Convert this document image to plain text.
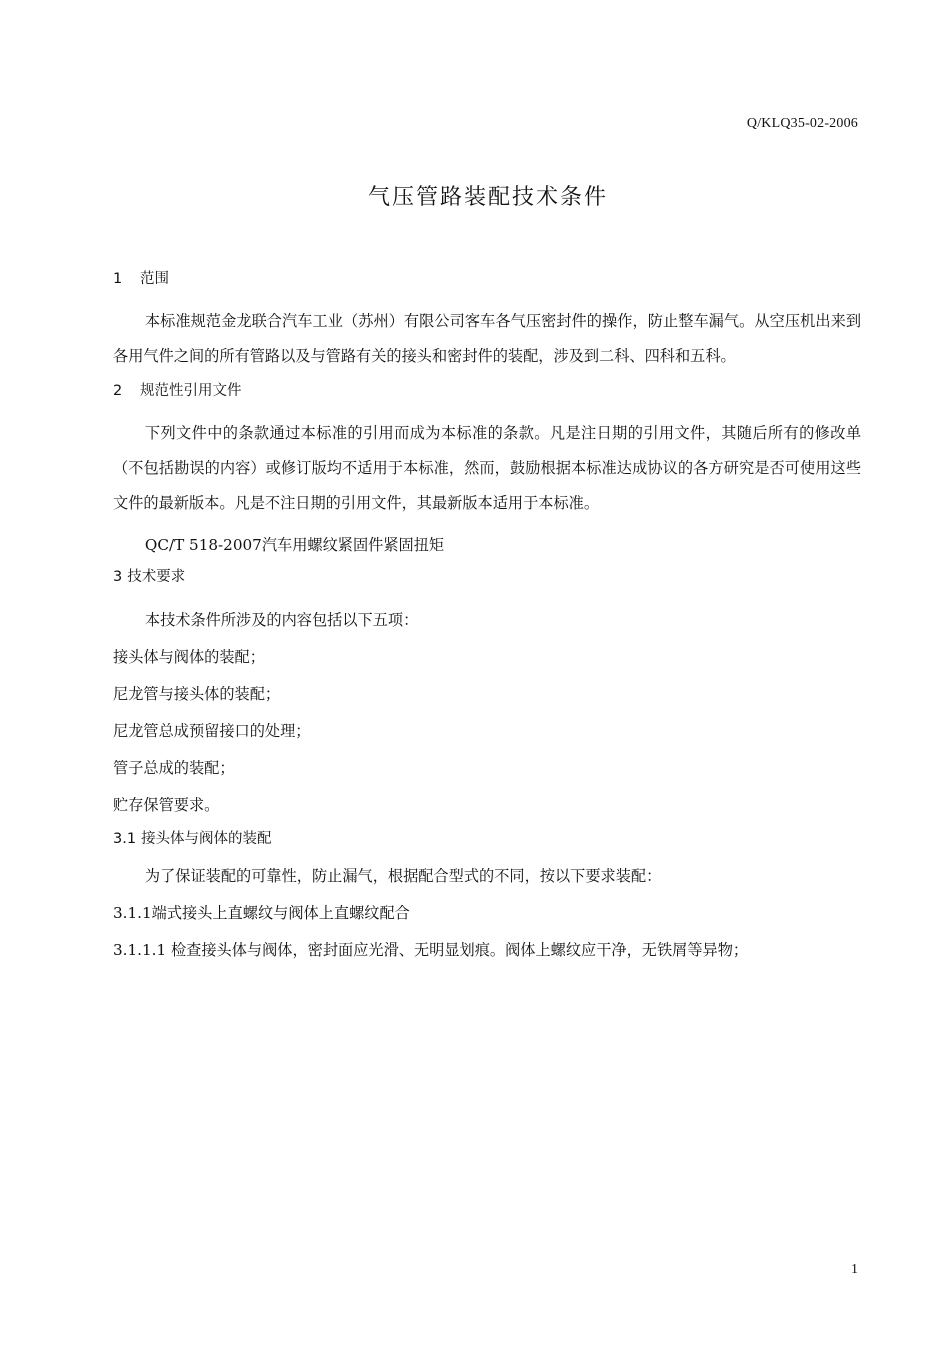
Q/KLQ35-02-2006
气压管路装配技术条件
1 范围

本标准规范金龙联合汽车工业（苏州）有限公司客车各气压密封件的操作，防止整车漏气。从空压机出来到各用气件之间的所有管路以及与管路有关的接头和密封件的装配，涉及到二科、四科和五科。

2 规范性引用文件

下列文件中的条款通过本标准的引用而成为本标准的条款。凡是注日期的引用文件，其随后所有的修改单（不包括勘误的内容）或修订版均不适用于本标准，然而，鼓励根据本标准达成协议的各方研究是否可使用这些文件的最新版本。凡是不注日期的引用文件，其最新版本适用于本标准。

QC/T 518-2007汽车用螺纹紧固件紧固扭矩

3 技术要求

本技术条件所涉及的内容包括以下五项：

接头体与阀体的装配；

尼龙管与接头体的装配；

尼龙管总成预留接口的处理；

管子总成的装配；

贮存保管要求。

3.1 接头体与阀体的装配

为了保证装配的可靠性，防止漏气，根据配合型式的不同，按以下要求装配：

3.1.1端式接头上直螺纹与阀体上直螺纹配合

3.1.1.1 检查接头体与阀体，密封面应光滑、无明显划痕。阀体上螺纹应干净，无铁屑等异物；

1
